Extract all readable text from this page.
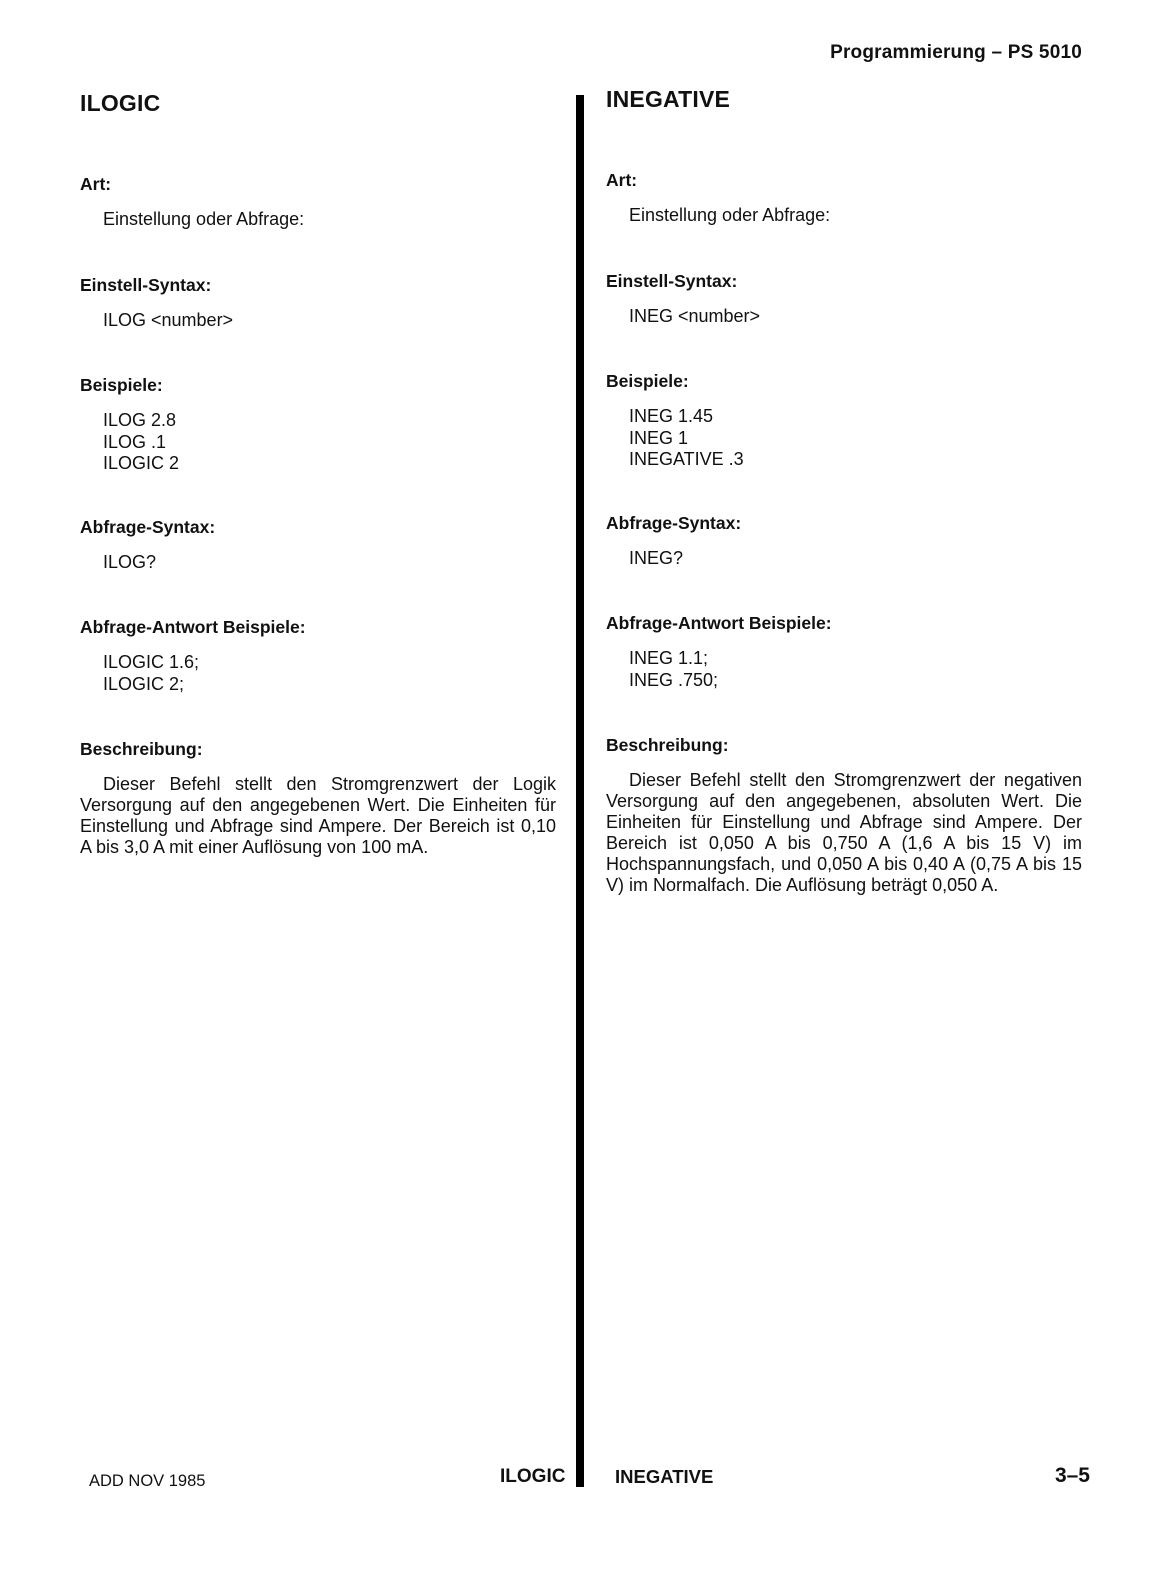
Programmierung – PS 5010
ILOGIC
Art:
Einstellung oder Abfrage:
Einstell-Syntax:
ILOG <number>
Beispiele:
ILOG 2.8
ILOG .1
ILOGIC 2
Abfrage-Syntax:
ILOG?
Abfrage-Antwort Beispiele:
ILOGIC 1.6;
ILOGIC 2;
Beschreibung:

Dieser Befehl stellt den Stromgrenzwert der Logik Versorgung auf den angegebenen Wert. Die Einheiten für Einstellung und Abfrage sind Ampere. Der Bereich ist 0,10 A bis 3,0 A mit einer Auflösung von 100 mA.

INEGATIVE
Art:
Einstellung oder Abfrage:
Einstell-Syntax:
INEG <number>
Beispiele:
INEG 1.45
INEG 1
INEGATIVE .3
Abfrage-Syntax:
INEG?
Abfrage-Antwort Beispiele:
INEG 1.1;
INEG .750;
Beschreibung:

Dieser Befehl stellt den Stromgrenzwert der negativen Versorgung auf den angegebenen, absoluten Wert. Die Einheiten für Einstellung und Abfrage sind Ampere. Der Bereich ist 0,050 A bis 0,750 A (1,6 A bis 15 V) im Hochspannungsfach, und 0,050 A bis 0,40 A (0,75 A bis 15 V) im Normalfach. Die Auflösung beträgt 0,050 A.

ADD NOV 1985	ILOGIC	INEGATIVE	3–5
